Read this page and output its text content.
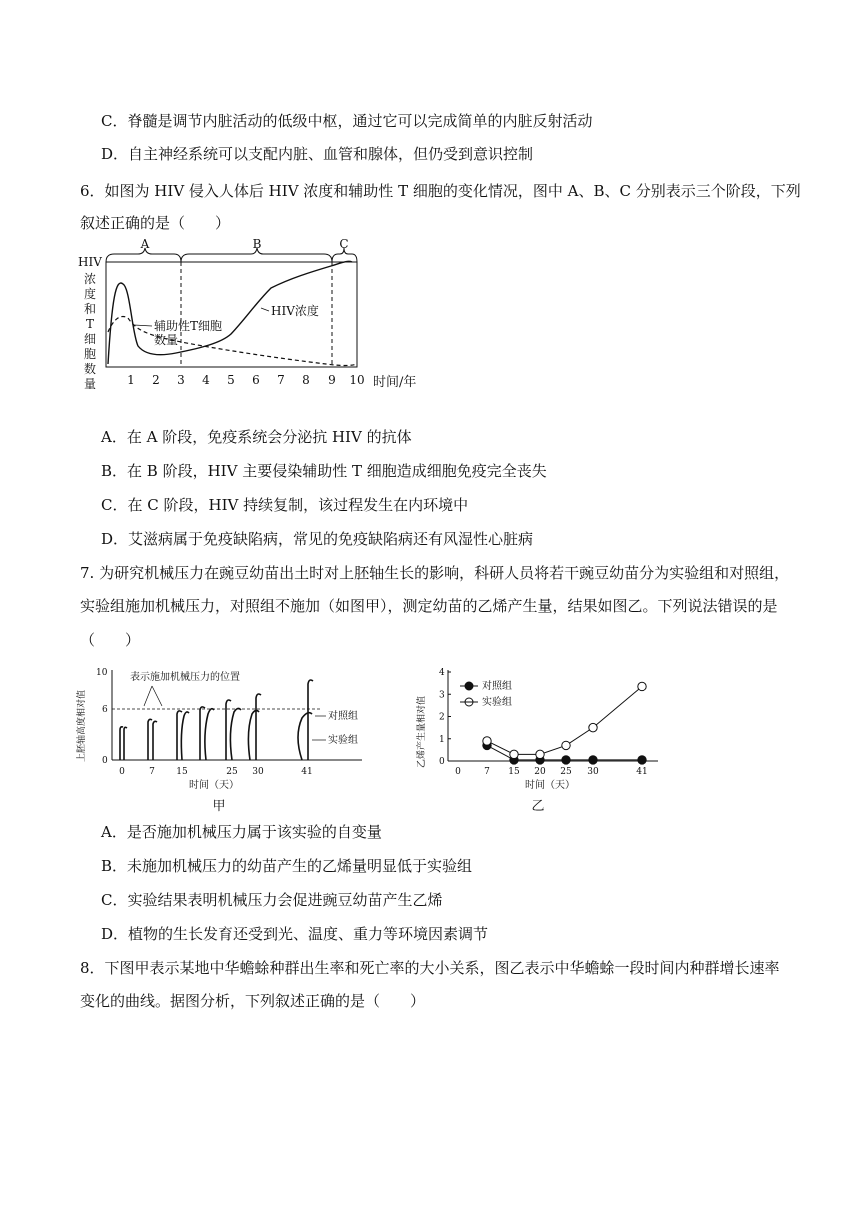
C．脊髓是调节内脏活动的低级中枢，通过它可以完成简单的内脏反射活动
D．自主神经系统可以支配内脏、血管和腺体，但仍受到意识控制
6．如图为 HIV 侵入人体后 HIV 浓度和辅助性 T 细胞的变化情况，图中 A、B、C 分别表示三个阶段，下列
叙述正确的是（　　）
A	B	C
HIV
浓
度
和
T
细
胞
数
量
辅助性T细胞
数量
HIV浓度
1 2 3 4 5 6 7 8 9 10 时间/年
A．在 A 阶段，免疫系统会分泌抗 HIV 的抗体
B．在 B 阶段，HIV 主要侵染辅助性 T 细胞造成细胞免疫完全丧失
C．在 C 阶段，HIV 持续复制，该过程发生在内环境中
D．艾滋病属于免疫缺陷病，常见的免疫缺陷病还有风湿性心脏病
7. 为研究机械压力在豌豆幼苗出土时对上胚轴生长的影响，科研人员将若干豌豆幼苗分为实验组和对照组，
实验组施加机械压力，对照组不施加（如图甲），测定幼苗的乙烯产生量，结果如图乙。下列说法错误的是
（　　）
上胚轴高度相对值 0
6
10 表示施加机械压力的位置
对照组
实验组
0	7 15	25 30	41
时间（天）
甲
乙烯产生量相对值 0
1
2
3
4
0	7 15 20 25 30	41
对照组
实验组
时间（天）
乙
A．是否施加机械压力属于该实验的自变量
B．未施加机械压力的幼苗产生的乙烯量明显低于实验组
C．实验结果表明机械压力会促进豌豆幼苗产生乙烯
D．植物的生长发育还受到光、温度、重力等环境因素调节
8．下图甲表示某地中华蟾蜍种群出生率和死亡率的大小关系，图乙表示中华蟾蜍一段时间内种群增长速率
变化的曲线。据图分析，下列叙述正确的是（　　）
